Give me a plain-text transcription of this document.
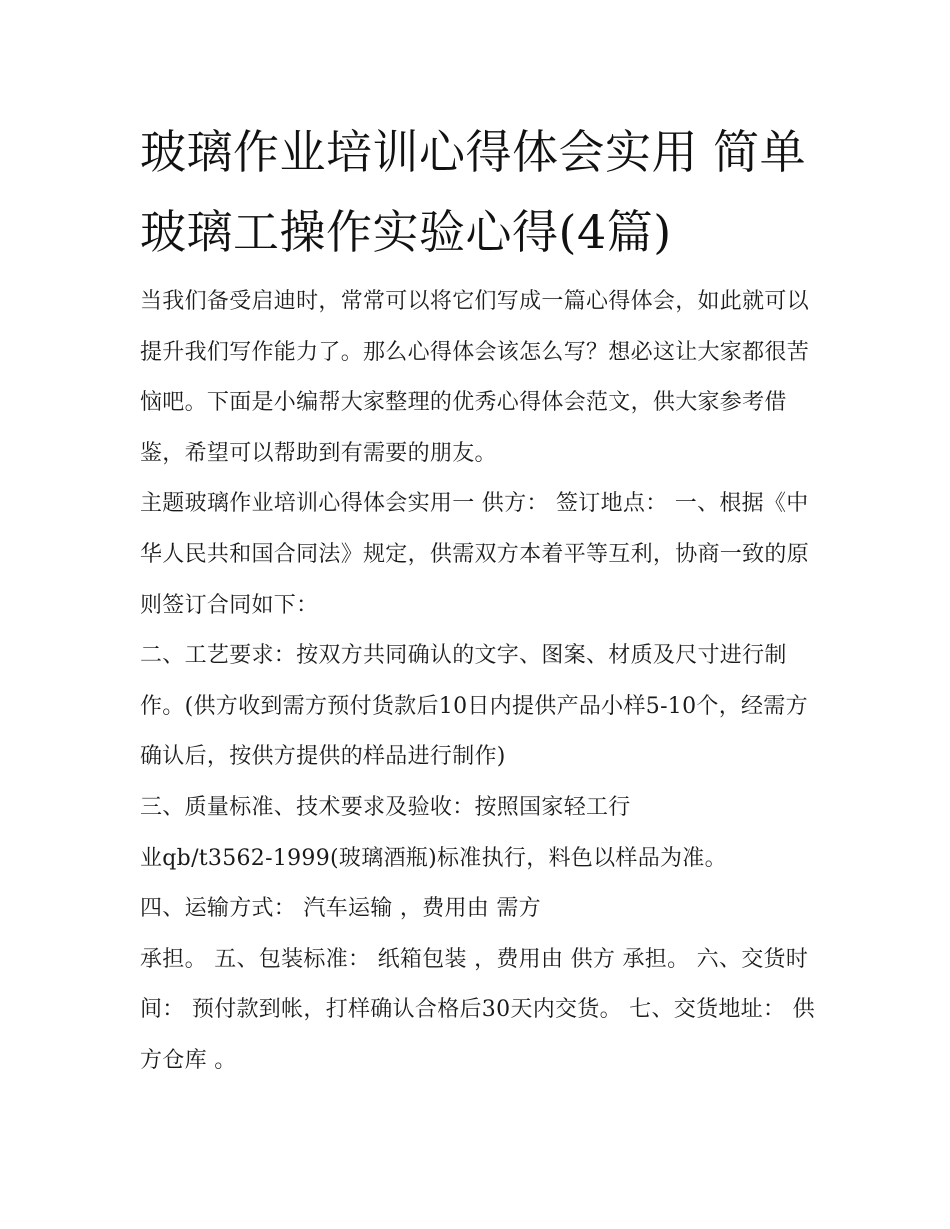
玻璃作业培训心得体会实用 简单玻璃工操作实验心得(4篇)

当我们备受启迪时，常常可以将它们写成一篇心得体会，如此就可以提升我们写作能力了。那么心得体会该怎么写？想必这让大家都很苦恼吧。下面是小编帮大家整理的优秀心得体会范文，供大家参考借鉴，希望可以帮助到有需要的朋友。

主题玻璃作业培训心得体会实用一 供方： 签订地点： 一、根据《中华人民共和国合同法》规定，供需双方本着平等互利，协商一致的原则签订合同如下：

二、工艺要求：按双方共同确认的文字、图案、材质及尺寸进行制作。(供方收到需方预付货款后10日内提供产品小样5-10个，经需方确认后，按供方提供的样品进行制作)

三、质量标准、技术要求及验收：按照国家轻工行

业qb/t3562-1999(玻璃酒瓶)标准执行，料色以样品为准。

四、运输方式： 汽车运输 ，费用由 需方

承担。 五、包装标准： 纸箱包装 ，费用由 供方 承担。 六、交货时间： 预付款到帐，打样确认合格后30天内交货。 七、交货地址： 供方仓库 。
